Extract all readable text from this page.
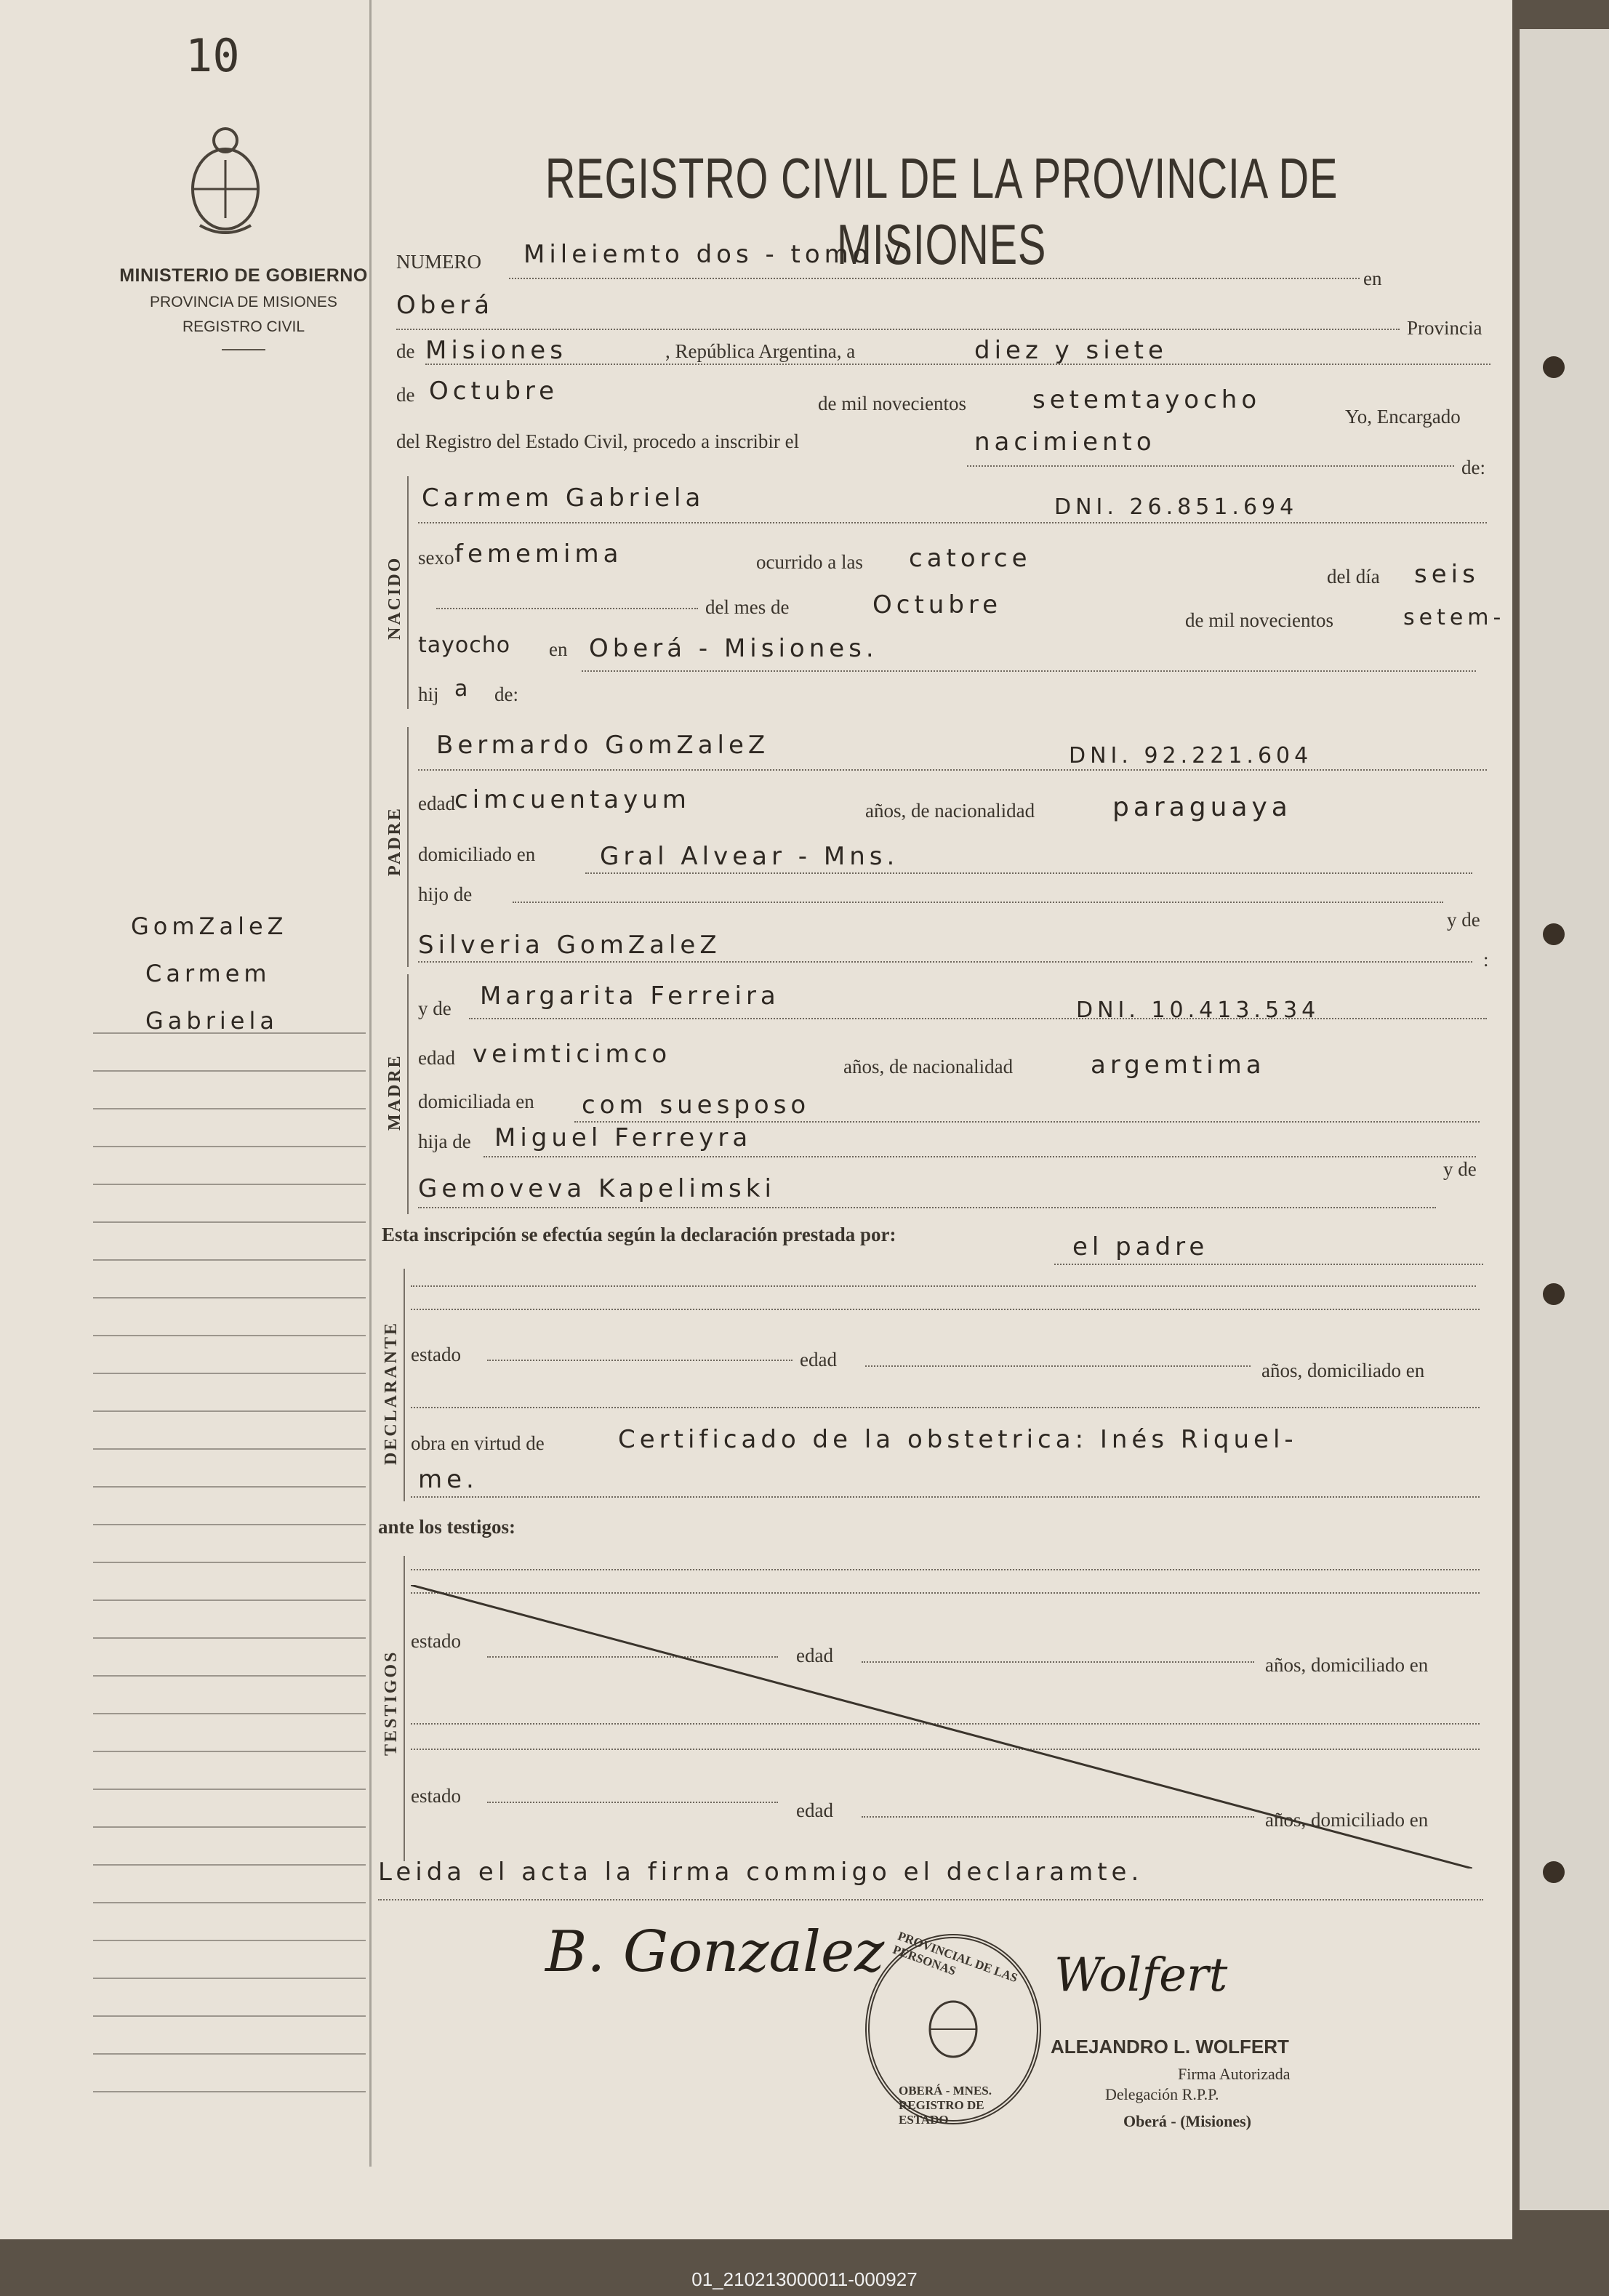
10
MINISTERIO DE GOBIERNO
PROVINCIA DE MISIONES
REGISTRO CIVIL
REGISTRO CIVIL DE LA PROVINCIA DE MISIONES
GomZaleZ
Carmem
Gabriela
NUMERO Mileiemto dos - tomo V
en
Oberá
Provincia
de Misiones	, República Argentina, a	diez y siete
de Octubre	de mil novecientos	setemtayocho
Yo, Encargado
del Registro del Estado Civil, procedo a inscribir el	nacimiento
de:
NACIDO
Carmem Gabriela	DNI. 26.851.694
sexo fememima	ocurrido a las catorce
del día seis
del mes de	Octubre
de mil novecientos	setem-
tayocho en Oberá - Misiones.
hij a de:
PADRE
Bermardo GomZaleZ	DNI. 92.221.604
edad cimcuentayum	años, de nacionalidad	paraguaya
domiciliado en	Gral Alvear - Mns.
hijo de
y de
Silveria GomZaleZ	:
MADRE
y de Margarita Ferreira	DNI. 10.413.534
edad veimticimco	años, de nacionalidad	argemtima
domiciliada en com suesposo
hija de Miguel Ferreyra
Gemoveva Kapelimski
y de
Esta inscripción se efectúa según la declaración prestada por:	el padre
DECLARANTE estado	edad	años, domiciliado en
obra en virtud de	Certificado de la obstetrica: Inés Riquel-
me.
ante los testigos:
TESTIGOS
estado
edad	años, domiciliado en
estado
edad	años, domiciliado en
Leida el acta la firma commigo el declaramte.
B. Gonzalez	Wolfert
PROVINCIAL DE LAS PERSONAS
OBERÁ - MNES. REGISTRO DE ESTADO
ALEJANDRO L. WOLFERT
Firma Autorizada
Delegación R.P.P.
Oberá - (Misiones)
01_210213000011-000927
